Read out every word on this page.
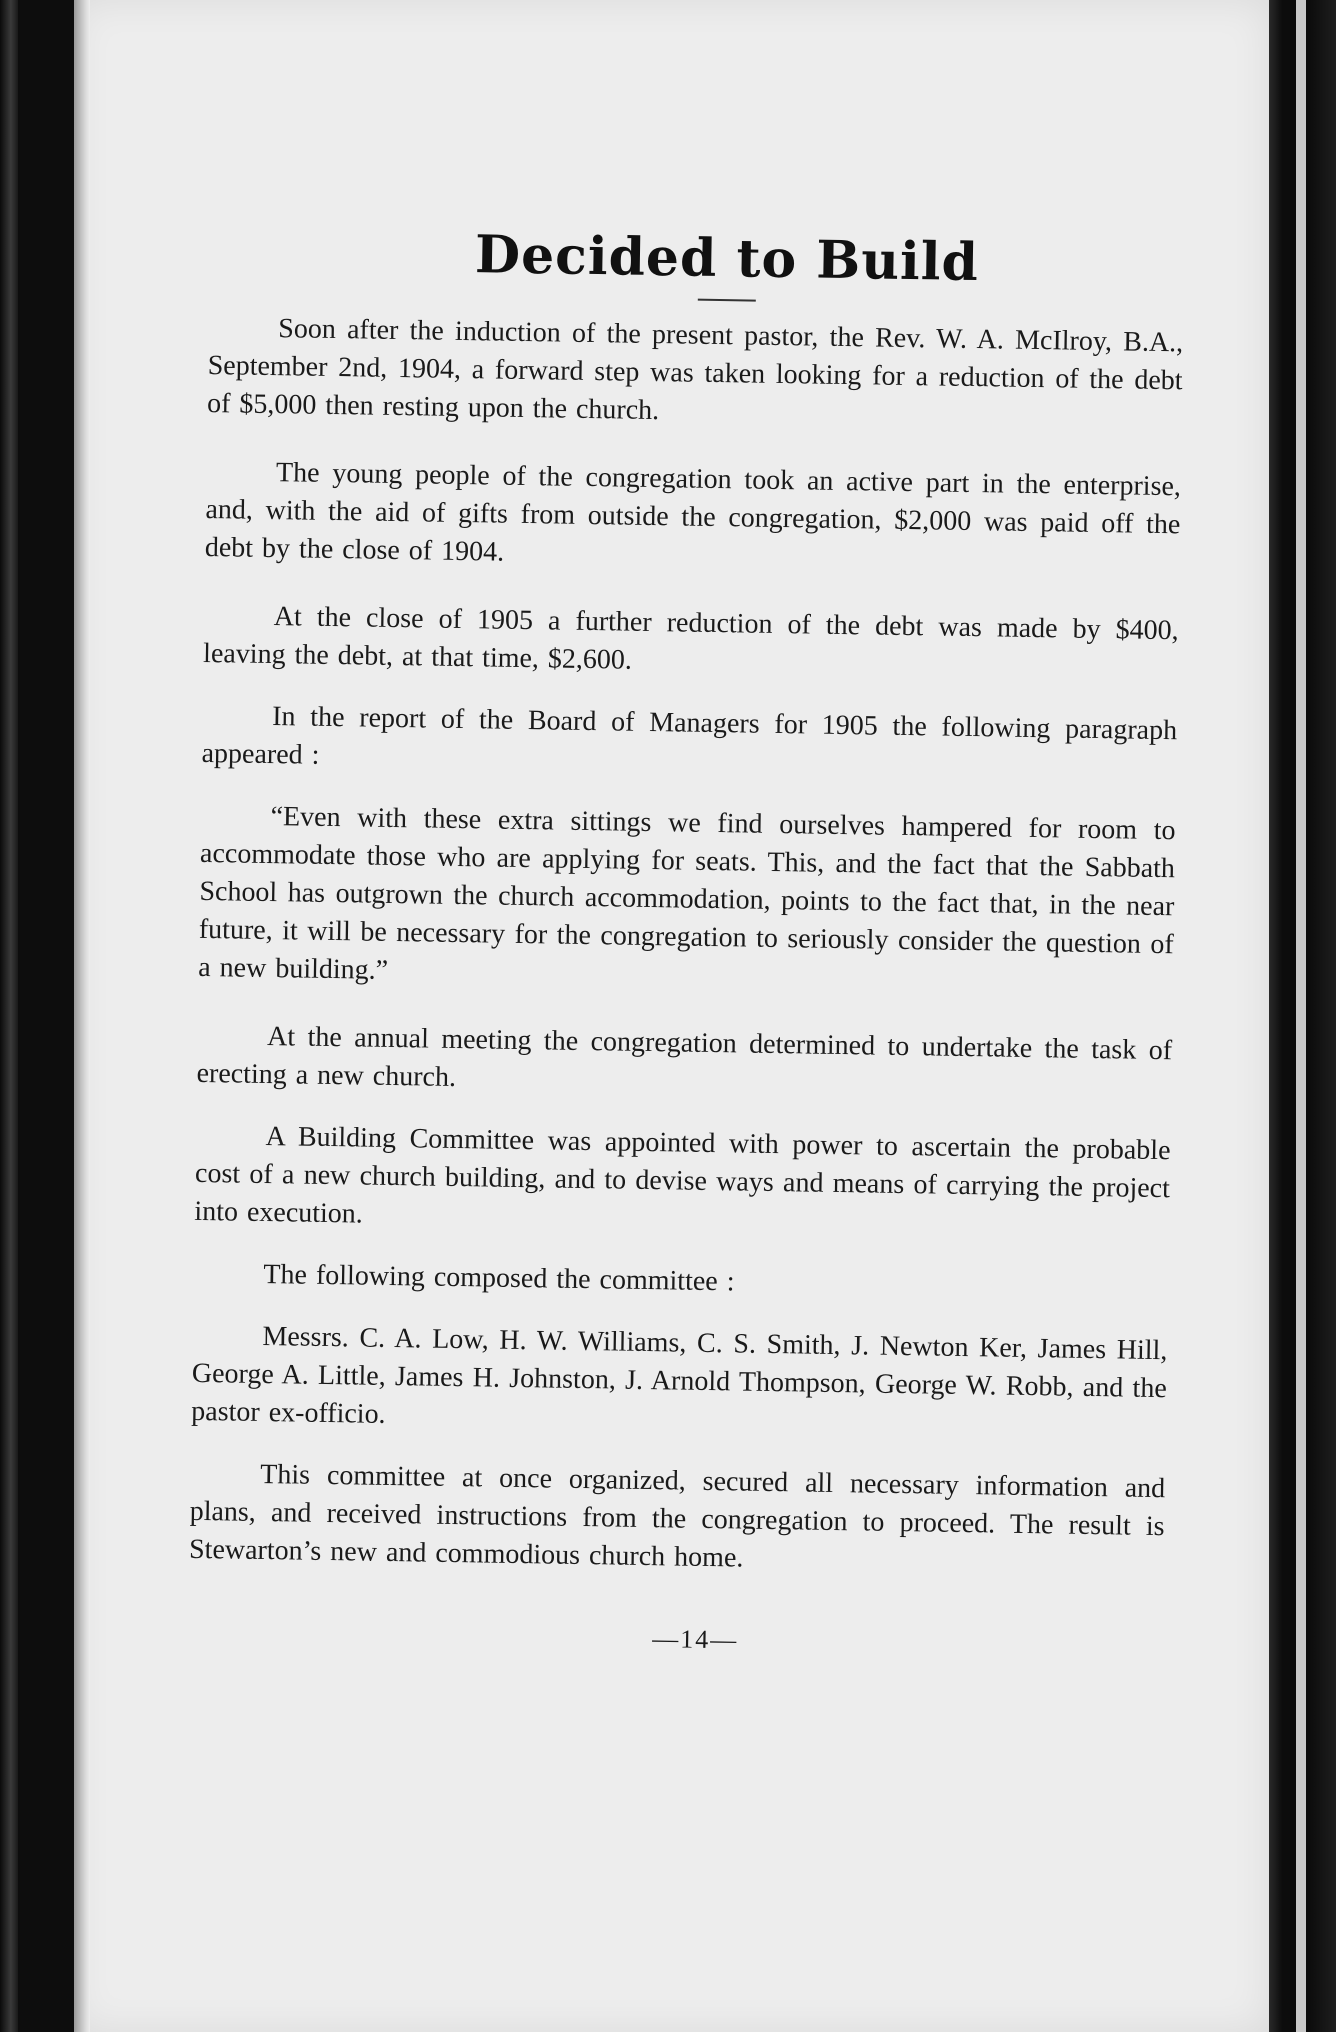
Decided to Build

Soon after the induction of the present pastor, the Rev. W. A. McIlroy, B.A., September 2nd, 1904, a forward step was taken looking for a reduction of the debt of $5,000 then resting upon the church.

The young people of the congregation took an active part in the enterprise, and, with the aid of gifts from outside the congregation, $2,000 was paid off the debt by the close of 1904.

At the close of 1905 a further reduction of the debt was made by $400, leaving the debt, at that time, $2,600.

In the report of the Board of Managers for 1905 the following paragraph appeared :

“Even with these extra sittings we find ourselves hampered for room to accommodate those who are applying for seats. This, and the fact that the Sabbath School has outgrown the church accommodation, points to the fact that, in the near future, it will be necessary for the congregation to seriously consider the question of a new building.”

At the annual meeting the congregation determined to undertake the task of erecting a new church.

A Building Committee was appointed with power to ascertain the probable cost of a new church building, and to devise ways and means of carrying the project into execution.

The following composed the committee :

Messrs. C. A. Low, H. W. Williams, C. S. Smith, J. Newton Ker, James Hill, George A. Little, James H. Johnston, J. Arnold Thompson, George W. Robb, and the pastor ex-officio.

This committee at once organized, secured all necessary information and plans, and received instructions from the congregation to proceed. The result is Stewarton’s new and commodious church home.

—14—
